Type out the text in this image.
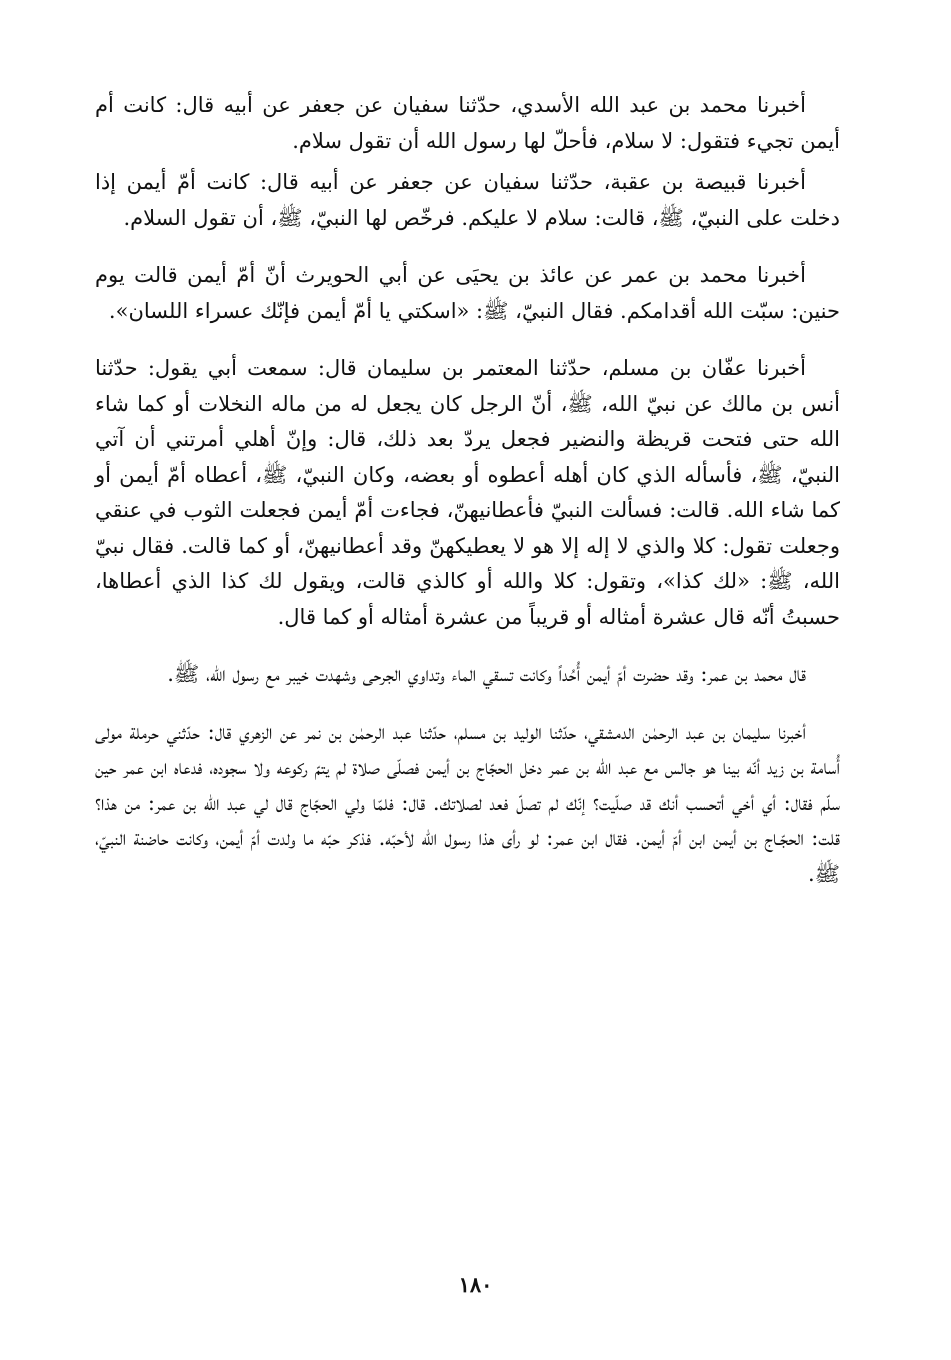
أخبرنا محمد بن عبد الله الأسدي، حدّثنا سفيان عن جعفر عن أبيه قال: كانت أم أيمن تجيء فتقول: لا سلام، فأحلّ لها رسول الله أن تقول سلام.

أخبرنا قبيصة بن عقبة، حدّثنا سفيان عن جعفر عن أبيه قال: كانت أمّ أيمن إذا دخلت على النبيّ، ﷺ، قالت: سلام لا عليكم. فرخّص لها النبيّ، ﷺ، أن تقول السلام.

أخبرنا محمد بن عمر عن عائذ بن يحيَى عن أبي الحويرث أنّ أمّ أيمن قالت يوم حنين: سبّت الله أقدامكم. فقال النبيّ، ﷺ: «اسكتي يا أمّ أيمن فإنّك عسراء اللسان».

أخبرنا عفّان بن مسلم، حدّثنا المعتمر بن سليمان قال: سمعت أبي يقول: حدّثنا أنس بن مالك عن نبيّ الله، ﷺ، أنّ الرجل كان يجعل له من ماله النخلات أو كما شاء الله حتى فتحت قريظة والنضير فجعل يردّ بعد ذلك، قال: وإنّ أهلي أمرتني أن آتي النبيّ، ﷺ، فأسأله الذي كان أهله أعطوه أو بعضه، وكان النبيّ، ﷺ، أعطاه أمّ أيمن أو كما شاء الله. قالت: فسألت النبيّ فأعطانيهنّ، فجاءت أمّ أيمن فجعلت الثوب في عنقي وجعلت تقول: كلا والذي لا إله إلا هو لا يعطيكهنّ وقد أعطانيهنّ، أو كما قالت. فقال نبيّ الله، ﷺ: «لك كذا»، وتقول: كلا والله أو كالذي قالت، ويقول لك كذا الذي أعطاها، حسبتُ أنّه قال عشرة أمثاله أو قريباً من عشرة أمثاله أو كما قال.

قال محمد بن عمر: وقد حضرت أمّ أيمن أُحُداً وكانت تسقي الماء وتداوي الجرحى وشهدت خيبر مع رسول الله، ﷺ.

أخبرنا سليمان بن عبد الرحمٰن الدمشقي، حدّثنا الوليد بن مسلم، حدّثنا عبد الرحمٰن بن نمر عن الزهري قال: حدّثني حرملة مولى أُسامة بن زيد أنّه بينا هو جالس مع عبد الله بن عمر دخل الحجّاج بن أيمن فصلّى صلاة لم يتمّ ركوعه ولا سجوده، فدعاه ابن عمر حين سلّم فقال: أي أخي أتحسب أنك قد صلّيت؟ إنّك لم تصلّ فعد لصلاتك. قال: فلمّا ولي الحجّاج قال لي عبد الله بن عمر: من هذا؟ قلت: الحجّـاج بن أيمن ابن أمّ أيمن. فقال ابن عمر: لو رأى هذا رسول الله لأحبّه. فذكر حبّه ما ولدت أمّ أيمن، وكانت حاضنة النبيّ، ﷺ.

١٨٠
